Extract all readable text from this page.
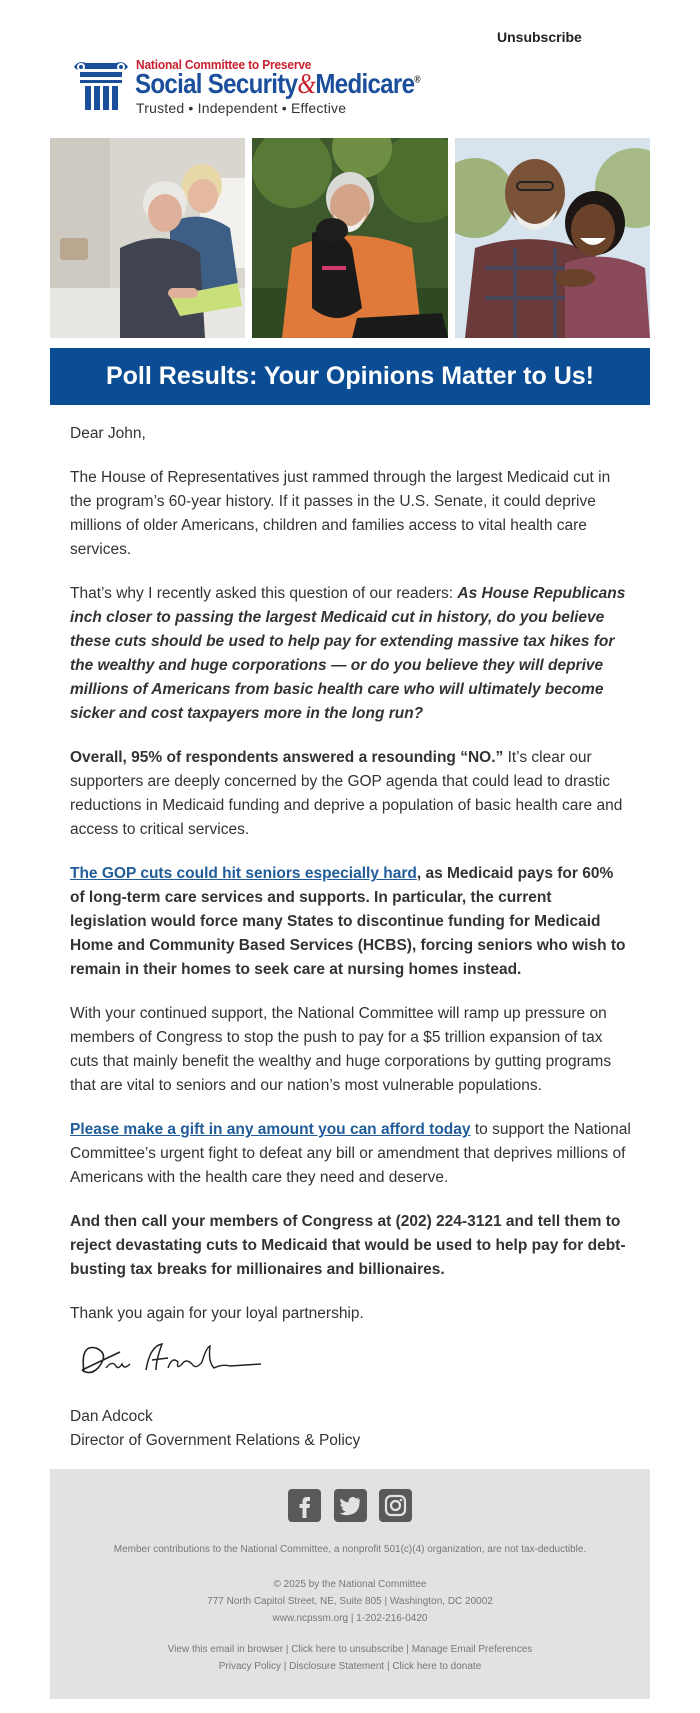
Unsubscribe
National Committee to Preserve
Social Security&Medicare®
Trusted • Independent • Effective
Poll Results: Your Opinions Matter to Us!

Dear John,

The House of Representatives just rammed through the largest Medicaid cut in the program’s 60-year history. If it passes in the U.S. Senate, it could deprive millions of older Americans, children and families access to vital health care services.

That’s why I recently asked this question of our readers: As House Republicans inch closer to passing the largest Medicaid cut in history, do you believe these cuts should be used to help pay for extending massive tax hikes for the wealthy and huge corporations — or do you believe they will deprive millions of Americans from basic health care who will ultimately become sicker and cost taxpayers more in the long run?

Overall, 95% of respondents answered a resounding “NO.” It’s clear our supporters are deeply concerned by the GOP agenda that could lead to drastic reductions in Medicaid funding and deprive a population of basic health care and access to critical services.

The GOP cuts could hit seniors especially hard, as Medicaid pays for 60% of long-term care services and supports. In particular, the current legislation would force many States to discontinue funding for Medicaid Home and Community Based Services (HCBS), forcing seniors who wish to remain in their homes to seek care at nursing homes instead.

With your continued support, the National Committee will ramp up pressure on members of Congress to stop the push to pay for a $5 trillion expansion of tax cuts that mainly benefit the wealthy and huge corporations by gutting programs that are vital to seniors and our nation’s most vulnerable populations.

Please make a gift in any amount you can afford today to support the National Committee’s urgent fight to defeat any bill or amendment that deprives millions of Americans with the health care they need and deserve.

And then call your members of Congress at (202) 224-3121 and tell them to reject devastating cuts to Medicaid that would be used to help pay for debt-busting tax breaks for millionaires and billionaires.

Thank you again for your loyal partnership.

Dan Adcock
Director of Government Relations & Policy

Member contributions to the National Committee, a nonprofit 501(c)(4) organization, are not tax-deductible.
© 2025 by the National Committee
777 North Capitol Street, NE, Suite 805 | Washington, DC 20002
www.ncpssm.org | 1-202-216-0420
View this email in browser | Click here to unsubscribe | Manage Email Preferences
Privacy Policy | Disclosure Statement | Click here to donate
